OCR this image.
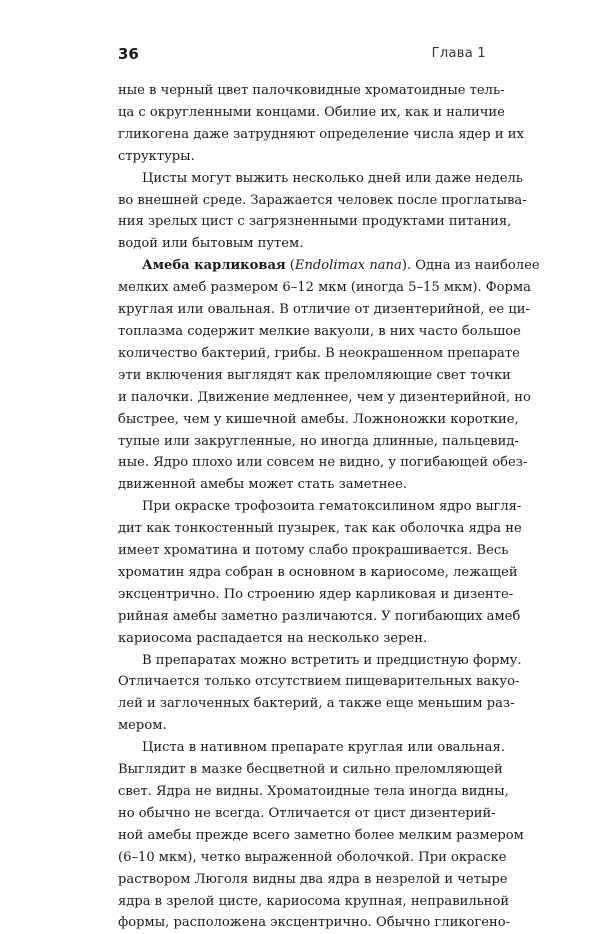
36	Глава 1

ные в черный цвет палочковидные хроматоидные тель-
ца с округленными концами. Обилие их, как и наличие
гликогена даже затрудняют определение числа ядер и их
структуры.

Цисты могут выжить несколько дней или даже недель
во внешней среде. Заражается человек после проглатыва-
ния зрелых цист с загрязненными продуктами питания,
водой или бытовым путем.

Амеба карликовая (Endolimax nana). Одна из наиболее
мелких амеб размером 6–12 мкм (иногда 5–15 мкм). Форма
круглая или овальная. В отличие от дизентерийной, ее ци-
топлазма содержит мелкие вакуоли, в них часто большое
количество бактерий, грибы. В неокрашенном препарате
эти включения выглядят как преломляющие свет точки
и палочки. Движение медленнее, чем у дизентерийной, но
быстрее, чем у кишечной амебы. Ложноножки короткие,
тупые или закругленные, но иногда длинные, пальцевид-
ные. Ядро плохо или совсем не видно, у погибающей обез-
движенной амебы может стать заметнее.

При окраске трофозоита гематоксилином ядро выгля-
дит как тонкостенный пузырек, так как оболочка ядра не
имеет хроматина и потому слабо прокрашивается. Весь
хроматин ядра собран в основном в кариосоме, лежащей
эксцентрично. По строению ядер карликовая и дизенте-
рийная амебы заметно различаются. У погибающих амеб
кариосома распадается на несколько зерен.

В препаратах можно встретить и предцистную форму.
Отличается только отсутствием пищеварительных вакуо-
лей и заглоченных бактерий, а также еще меньшим раз-
мером.

Циста в нативном препарате круглая или овальная.
Выглядит в мазке бесцветной и сильно преломляющей
свет. Ядра не видны. Хроматоидные тела иногда видны,
но обычно не всегда. Отличается от цист дизентерий-
ной амебы прежде всего заметно более мелким размером
(6–10 мкм), четко выраженной оболочкой. При окраске
раствором Люголя видны два ядра в незрелой и четыре
ядра в зрелой цисте, кариосома крупная, неправильной
формы, расположена эксцентрично. Обычно гликогено-
